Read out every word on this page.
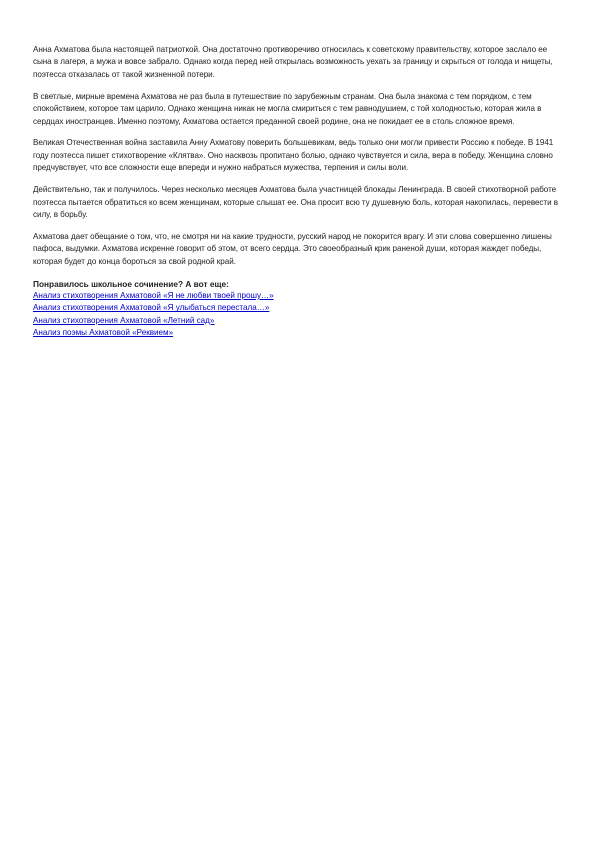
Анна Ахматова была настоящей патриоткой. Она достаточно противоречиво относилась к советскому правительству, которое заслало ее сына в лагеря, а мужа и вовсе забрало. Однако когда перед ней открылась возможность уехать за границу и скрыться от голода и нищеты, поэтесса отказалась от такой жизненной потери.

В светлые, мирные времена Ахматова не раз была в путешествие по зарубежным странам. Она была знакома с тем порядком, с тем спокойствием, которое там царило. Однако женщина никак не могла смириться с тем равнодушием, с той холодностью, которая жила в сердцах иностранцев. Именно поэтому, Ахматова остается преданной своей родине, она не покидает ее в столь сложное время.

Великая Отечественная война заставила Анну Ахматову поверить большевикам, ведь только они могли привести Россию к победе. В 1941 году поэтесса пишет стихотворение «Клятва». Оно насквозь пропитано болью, однако чувствуется и сила, вера в победу. Женщина словно предчувствует, что все сложности еще впереди и нужно набраться мужества, терпения и силы воли.

Действительно, так и получилось. Через несколько месяцев Ахматова была участницей блокады Ленинграда. В своей стихотворной работе поэтесса пытается обратиться ко всем женщинам, которые слышат ее. Она просит всю ту душевную боль, которая накопилась, перевести в силу, в борьбу.

Ахматова дает обещание о том, что, не смотря ни на какие трудности, русский народ не покорится врагу. И эти слова совершенно лишены пафоса, выдумки. Ахматова искренне говорит об этом, от всего сердца. Это своеобразный крик раненой души, которая жаждет победы, которая будет до конца бороться за свой родной край.

Понравилось школьное сочинение? А вот еще:
Анализ стихотворения Ахматовой «Я не любви твоей прошу…»
Анализ стихотворения Ахматовой «Я улыбаться перестала…»
Анализ стихотворения Ахматовой «Летний сад»
Анализ поэмы Ахматовой «Реквием»
